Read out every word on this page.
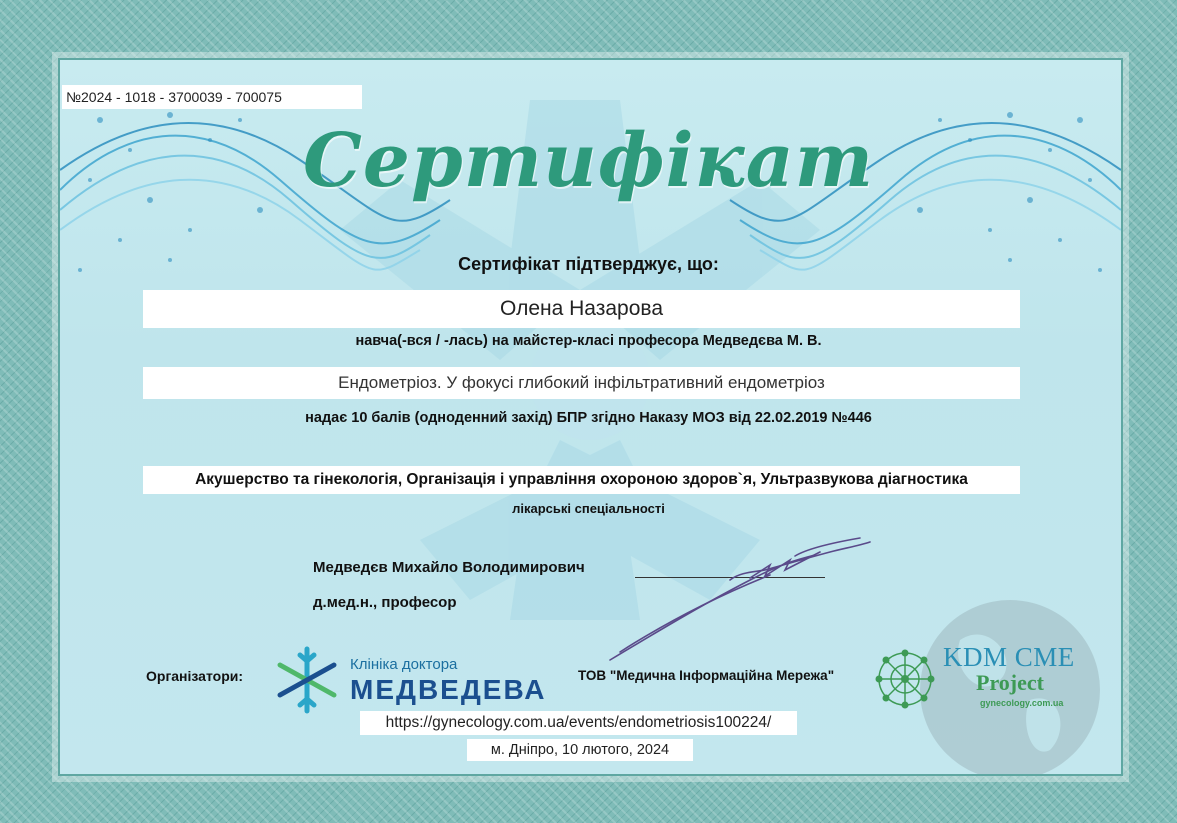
№2024 - 1018 - 3700039 - 700075
Сертифікат
Сертифікат підтверджує, що:
Олена Назарова
навча(-вся / -лась) на майстер-класі професора Медведєва М. В.
Ендометріоз. У фокусі глибокий інфільтративний ендометріоз
надає 10 балів (одноденний захід) БПР згідно Наказу МОЗ від 22.02.2019 №446
Акушерство та гінекологія, Організація і управління охороною здоров`я, Ультразвукова діагностика
лікарські спеціальності
Медведєв Михайло Володимирович
д.мед.н., професор
Організатори:
Клініка доктора
МЕДВЕДЕВА ТОВ "Медична Інформаційна Мережа"
KDM CME
Project
gynecology.com.ua
https://gynecology.com.ua/events/endometriosis100224/
м. Дніпро, 10 лютого, 2024
